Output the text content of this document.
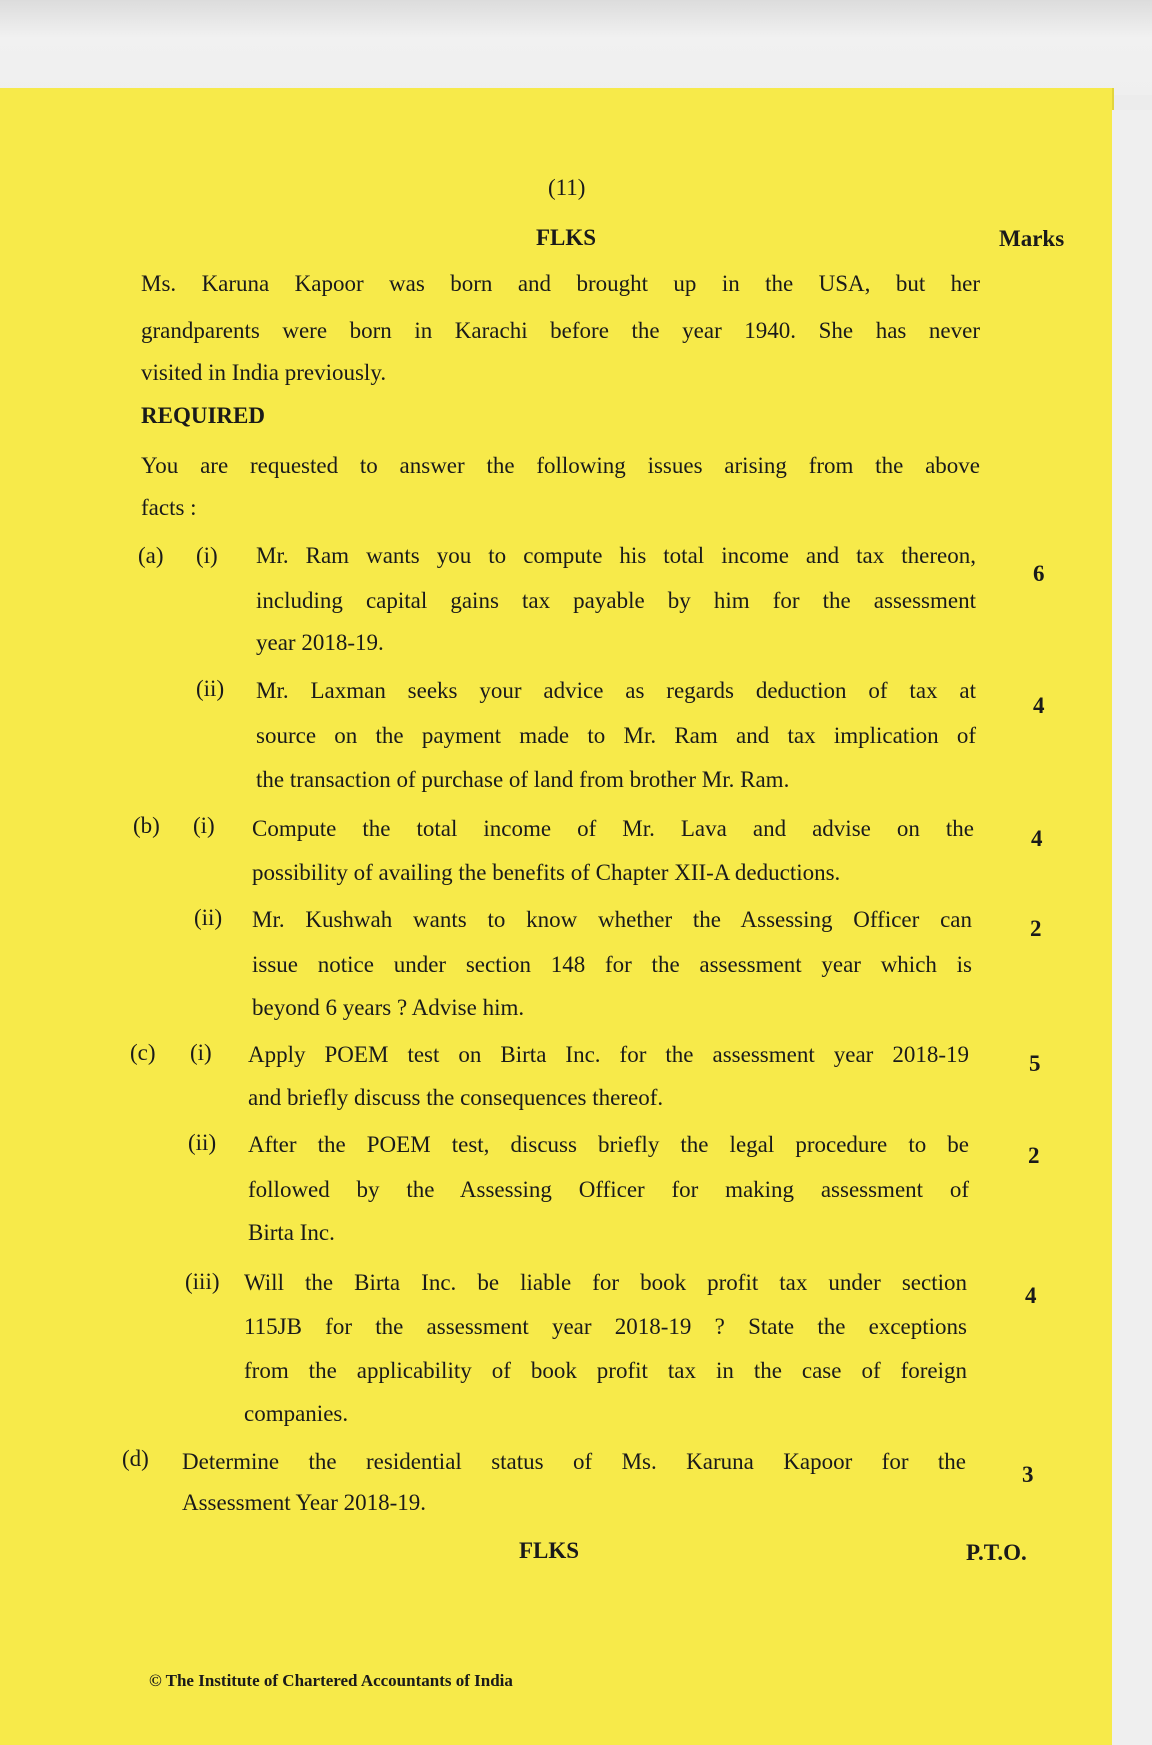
(11)
FLKS	Marks
Ms. Karuna Kapoor was born and brought up in the USA, but her
grandparents were born in Karachi before the year 1940. She has never
visited in India previously.
REQUIRED
You are requested to answer the following issues arising from the above
facts :
(a) (i) Mr. Ram wants you to compute his total income and tax thereon,
including capital gains tax payable by him for the assessment
year 2018-19.
6
(ii) Mr. Laxman seeks your advice as regards deduction of tax at
source on the payment made to Mr. Ram and tax implication of
the transaction of purchase of land from brother Mr. Ram.
4
(b) (i) Compute the total income of Mr. Lava and advise on the
possibility of availing the benefits of Chapter XII-A deductions.
4
(ii) Mr. Kushwah wants to know whether the Assessing Officer can
issue notice under section 148 for the assessment year which is
beyond 6 years ? Advise him.
2
(c) (i) Apply POEM test on Birta Inc. for the assessment year 2018-19
and briefly discuss the consequences thereof.
5
(ii) After the POEM test, discuss briefly the legal procedure to be
followed by the Assessing Officer for making assessment of
Birta Inc.
2
(iii) Will the Birta Inc. be liable for book profit tax under section
115JB for the assessment year 2018-19 ? State the exceptions
from the applicability of book profit tax in the case of foreign
companies.
4
(d) Determine the residential status of Ms. Karuna Kapoor for the
Assessment Year 2018-19.
3
FLKS	P.T.O.
© The Institute of Chartered Accountants of India
